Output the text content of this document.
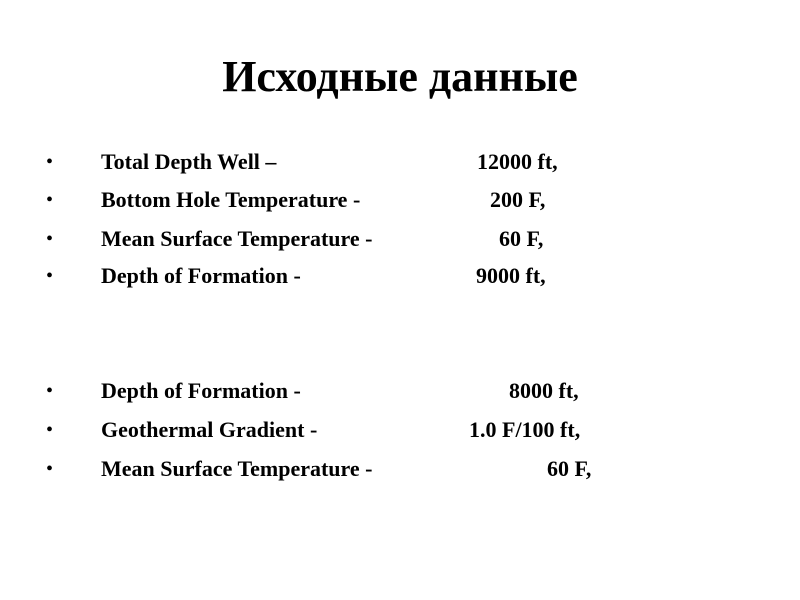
Исходные данные
• Total Depth Well –	12000 ft,
• Bottom Hole Temperature -	200 F,
• Mean Surface Temperature -	60 F,
• Depth of Formation -	9000 ft,
• Depth of Formation -	8000 ft,
• Geothermal Gradient -	1.0 F/100 ft,
• Mean Surface Temperature -	60 F,
